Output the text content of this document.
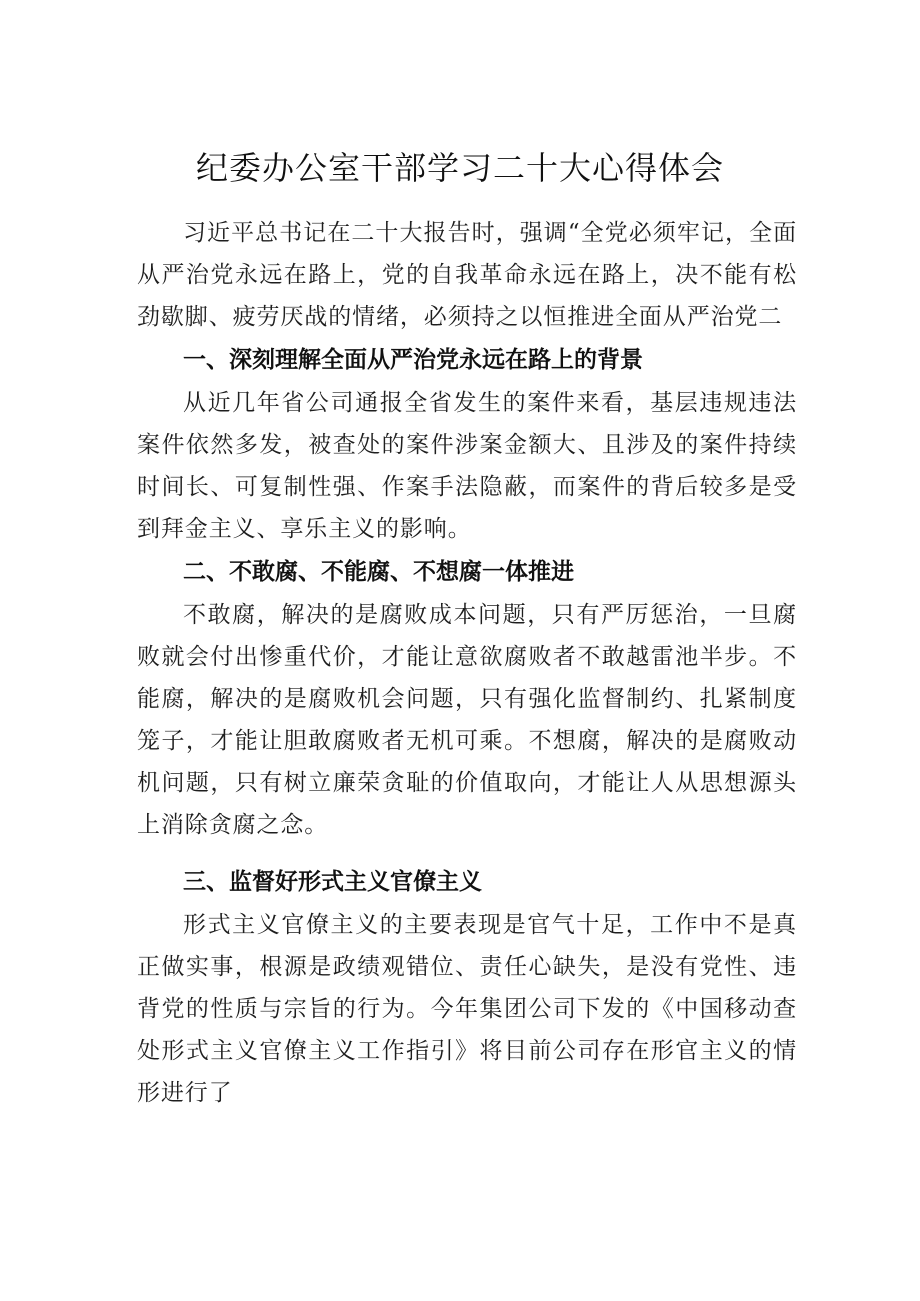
纪委办公室干部学习二十大心得体会

习近平总书记在二十大报告时，强调“全党必须牢记，全面从严治党永远在路上，党的自我革命永远在路上，决不能有松劲歇脚、疲劳厌战的情绪，必须持之以恒推进全面从严治党二

一、深刻理解全面从严治党永远在路上的背景

从近几年省公司通报全省发生的案件来看，基层违规违法案件依然多发，被查处的案件涉案金额大、且涉及的案件持续时间长、可复制性强、作案手法隐蔽，而案件的背后较多是受到拜金主义、享乐主义的影响。

二、不敢腐、不能腐、不想腐一体推进

不敢腐，解决的是腐败成本问题，只有严厉惩治，一旦腐败就会付出惨重代价，才能让意欲腐败者不敢越雷池半步。不能腐，解决的是腐败机会问题，只有强化监督制约、扎紧制度笼子，才能让胆敢腐败者无机可乘。不想腐，解决的是腐败动机问题，只有树立廉荣贪耻的价值取向，才能让人从思想源头上消除贪腐之念。

三、监督好形式主义官僚主义

形式主义官僚主义的主要表现是官气十足，工作中不是真正做实事，根源是政绩观错位、责任心缺失，是没有党性、违背党的性质与宗旨的行为。今年集团公司下发的《中国移动查处形式主义官僚主义工作指引》将目前公司存在形官主义的情形进行了
